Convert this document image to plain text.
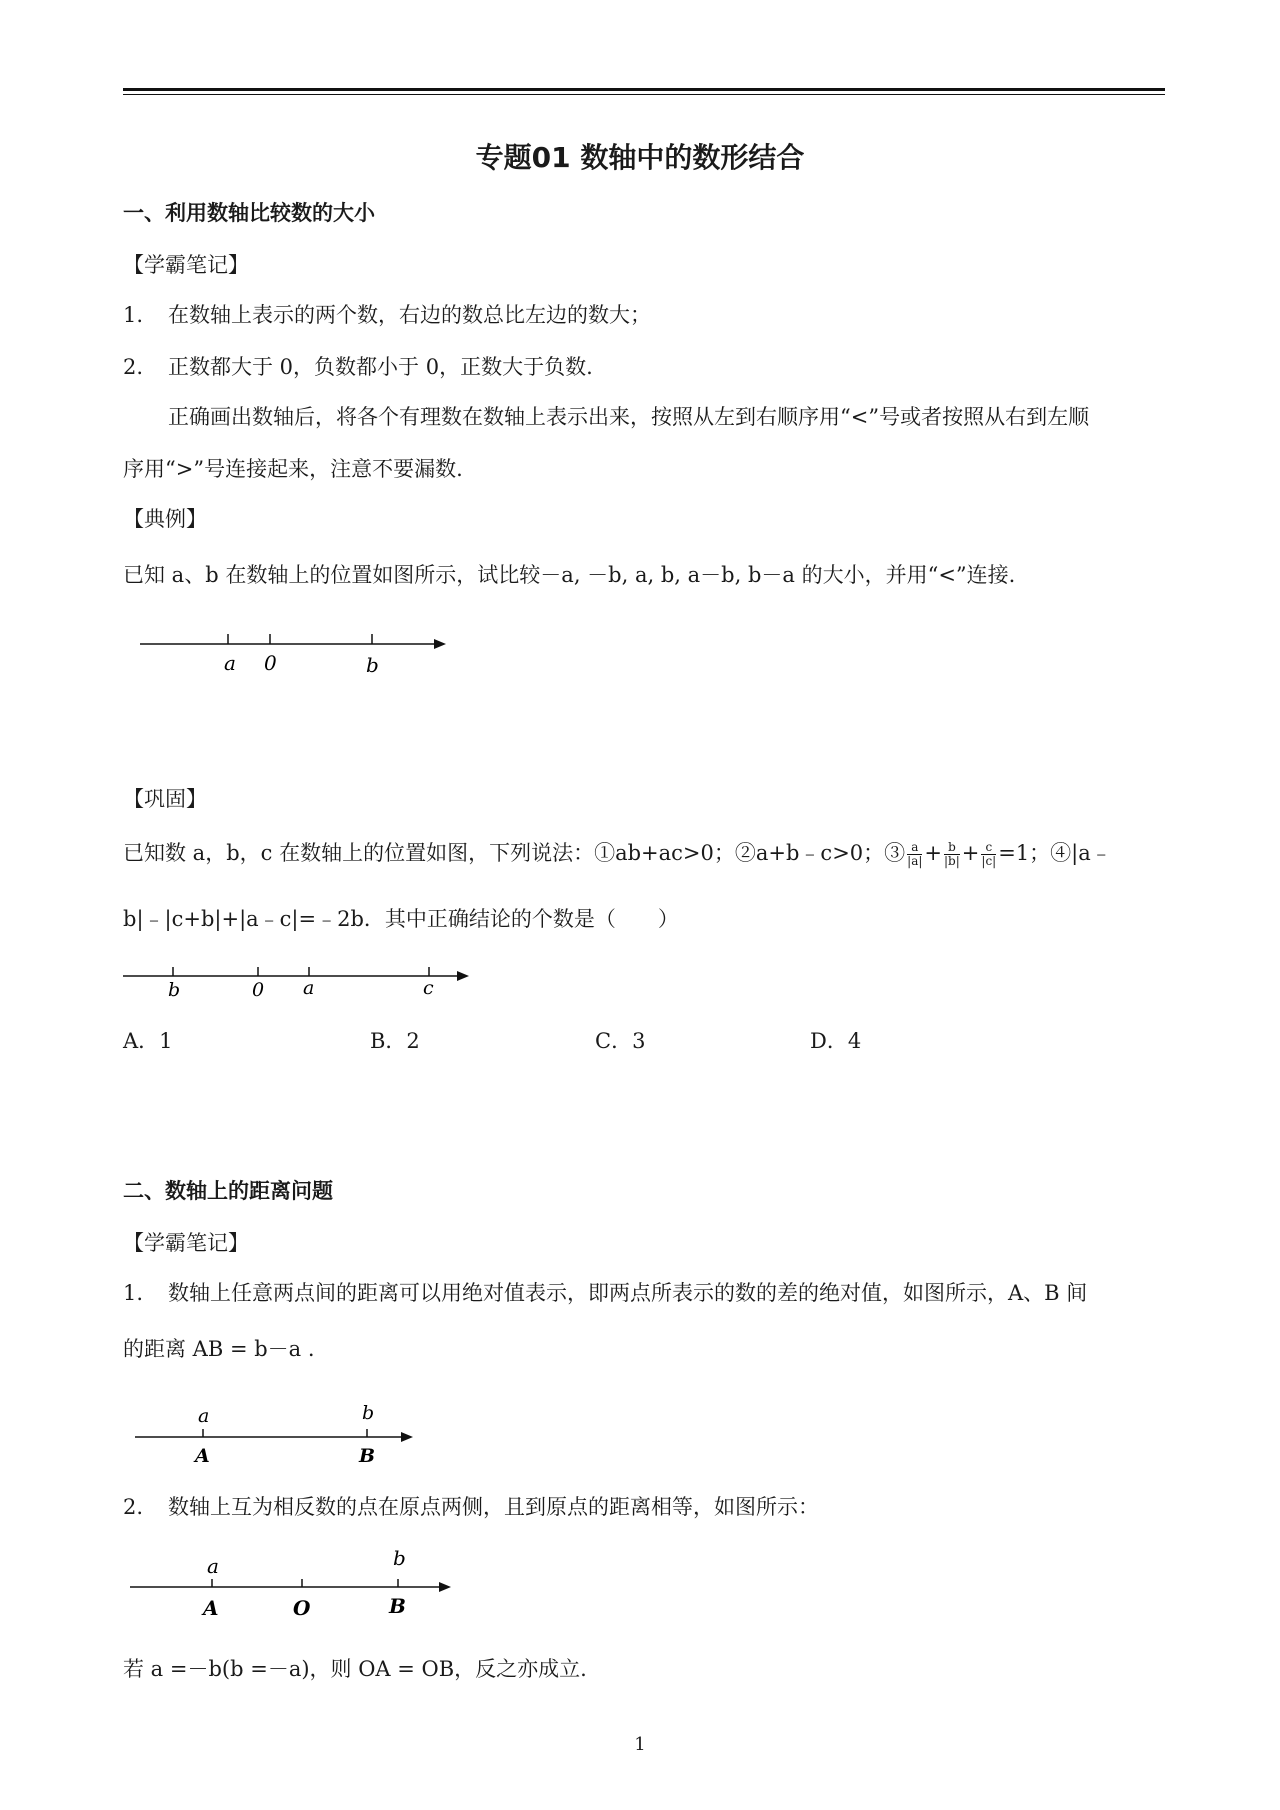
专题01 数轴中的数形结合
一、利用数轴比较数的大小
【学霸笔记】
1. 在数轴上表示的两个数，右边的数总比左边的数大；
2. 正数都大于 0，负数都小于 0，正数大于负数.
正确画出数轴后，将各个有理数在数轴上表示出来，按照从左到右顺序用“<”号或者按照从右到左顺
序用“>”号连接起来，注意不要漏数.
【典例】
已知 a、b 在数轴上的位置如图所示，试比较－a, －b, a, b, a－b, b－a 的大小，并用“<”连接.
a 0	b
【巩固】
已知数 a，b，c 在数轴上的位置如图，下列说法：①ab+ac>0；②a+b﹣c>0；③ $\frac{a}{|a|} + \frac{b}{|b|} + \frac{c}{|c|} =1$；④|a﹣
b|﹣|c+b|+|a﹣c|=﹣2b．其中正确结论的个数是（　　）
b	0 a	c
A．1	B．2	C．3	D．4
二、数轴上的距离问题
【学霸笔记】
1. 数轴上任意两点间的距离可以用绝对值表示，即两点所表示的数的差的绝对值，如图所示，A、B 间
的距离 AB = b－a .
a	b
A	B
2. 数轴上互为相反数的点在原点两侧，且到原点的距离相等，如图所示：
a	b
A	O	B
若 a =－b(b =－a)，则 OA = OB，反之亦成立.
1
